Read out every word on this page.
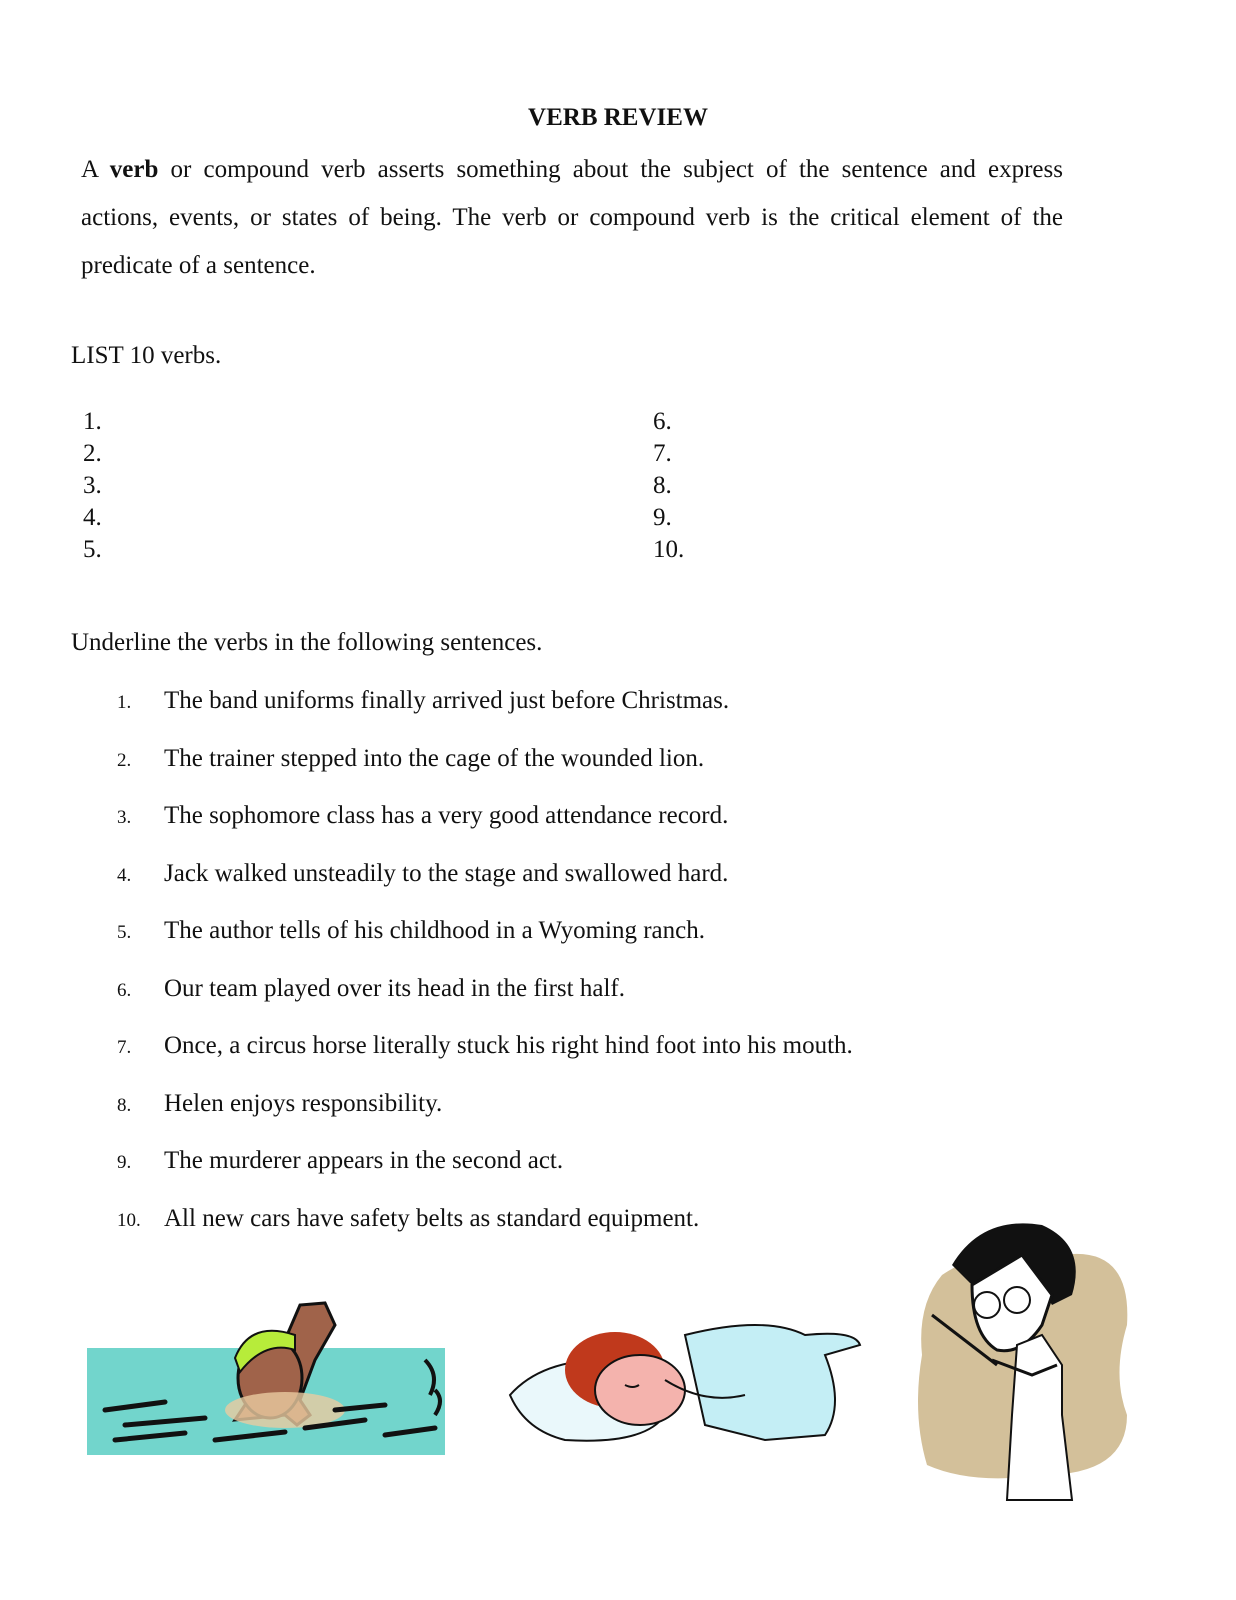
VERB REVIEW
A verb or compound verb asserts something about the subject of the sentence and express actions, events, or states of being. The verb or compound verb is the critical element of the predicate of a sentence.
LIST 10 verbs.
1.
2.
3.
4.
5.
6.
7.
8.
9.
10.
Underline the verbs in the following sentences.
1. The band uniforms finally arrived just before Christmas.
2. The trainer stepped into the cage of the wounded lion.
3. The sophomore class has a very good attendance record.
4. Jack walked unsteadily to the stage and swallowed hard.
5. The author tells of his childhood in a Wyoming ranch.
6. Our team played over its head in the first half.
7. Once, a circus horse literally stuck his right hind foot into his mouth.
8. Helen enjoys responsibility.
9. The murderer appears in the second act.
10. All new cars have safety belts as standard equipment.
